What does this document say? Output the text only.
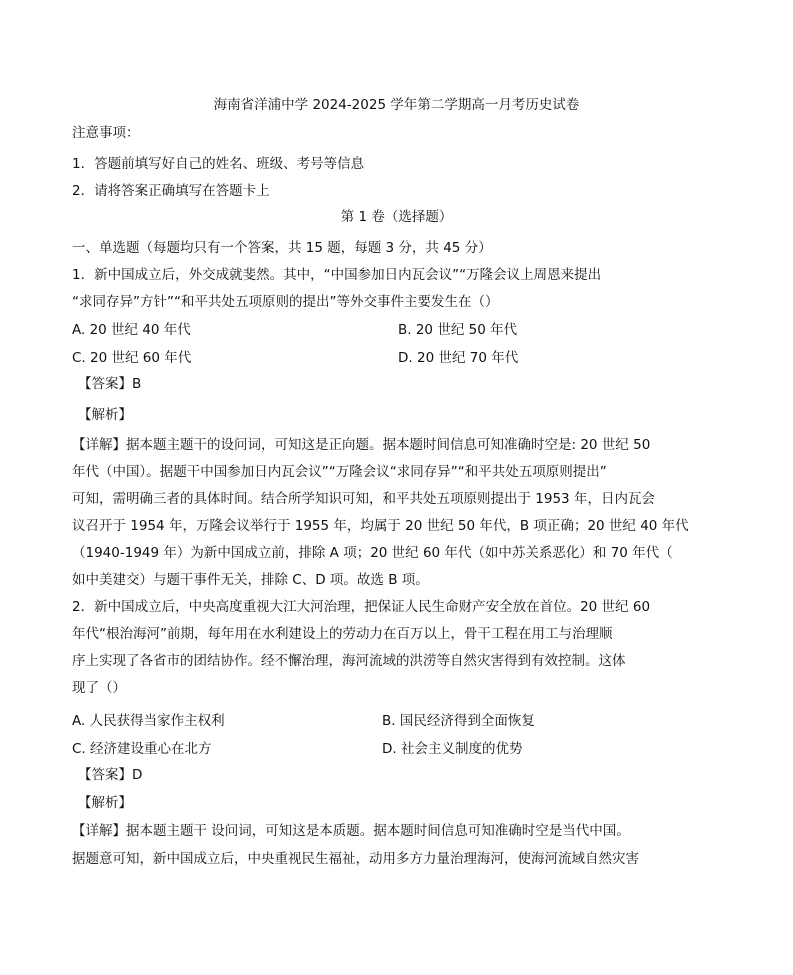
海南省洋浦中学 2024-2025 学年第二学期高一月考历史试卷
注意事项：
1．答题前填写好自己的姓名、班级、考号等信息
2．请将答案正确填写在答题卡上
第 1 卷（选择题）
一、单选题（每题均只有一个答案，共 15 题，每题 3 分，共 45 分）
1．新中国成立后，外交成就斐然。其中，“中国参加日内瓦会议”“万隆会议上周恩来提出
“求同存异”方针”“和平共处五项原则的提出”等外交事件主要发生在（）
A. 20 世纪 40 年代	B. 20 世纪 50 年代
C. 20 世纪 60 年代	D. 20 世纪 70 年代
【答案】B
【解析】
【详解】据本题主题干的设问词，可知这是正向题。据本题时间信息可知准确时空是: 20 世纪 50
年代（中国）。据题干中国参加日内瓦会议”“万隆会议“求同存异”“和平共处五项原则提出”
可知，需明确三者的具体时间。结合所学知识可知，和平共处五项原则提出于 1953 年，日内瓦会
议召开于 1954 年，万隆会议举行于 1955 年，均属于 20 世纪 50 年代，B 项正确；20 世纪 40 年代
（1940-1949 年）为新中国成立前，排除 A 项；20 世纪 60 年代（如中苏关系恶化）和 70 年代（
如中美建交）与题干事件无关，排除 C、D 项。故选 B 项。
2．新中国成立后，中央高度重视大江大河治理，把保证人民生命财产安全放在首位。20 世纪 60
年代“根治海河”前期，每年用在水利建设上的劳动力在百万以上，骨干工程在用工与治理顺
序上实现了各省市的团结协作。经不懈治理，海河流域的洪涝等自然灾害得到有效控制。这体
现了（）
A. 人民获得当家作主权利	B. 国民经济得到全面恢复
C. 经济建设重心在北方	D. 社会主义制度的优势
【答案】D
【解析】
【详解】据本题主题干 设问词，可知这是本质题。据本题时间信息可知准确时空是当代中国。
据题意可知，新中国成立后，中央重视民生福祉，动用多方力量治理海河，使海河流域自然灾害
